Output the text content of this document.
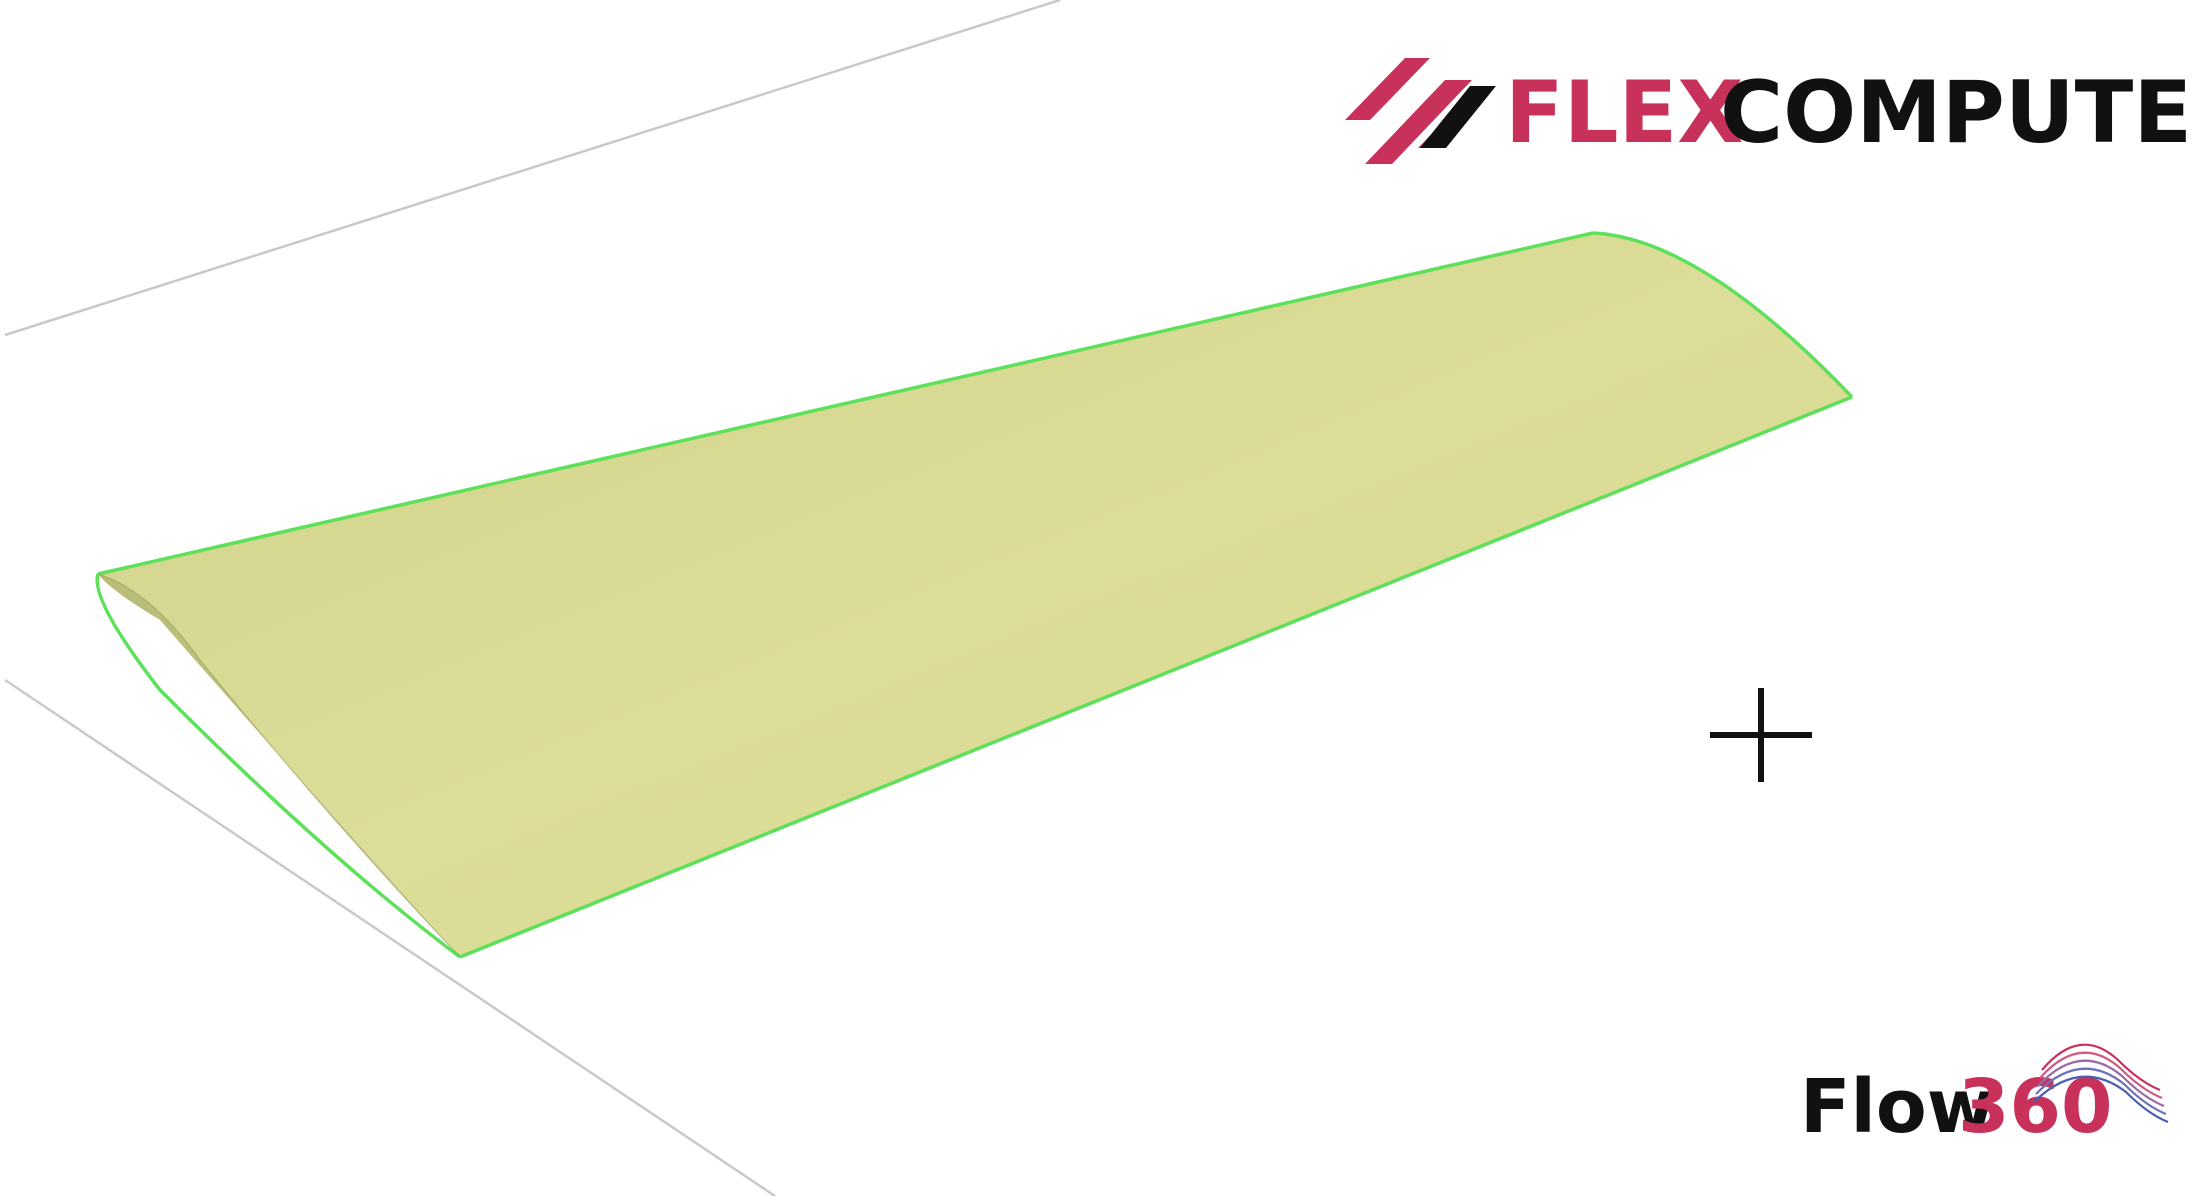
FLEX
COMPUTE
Flow
360
